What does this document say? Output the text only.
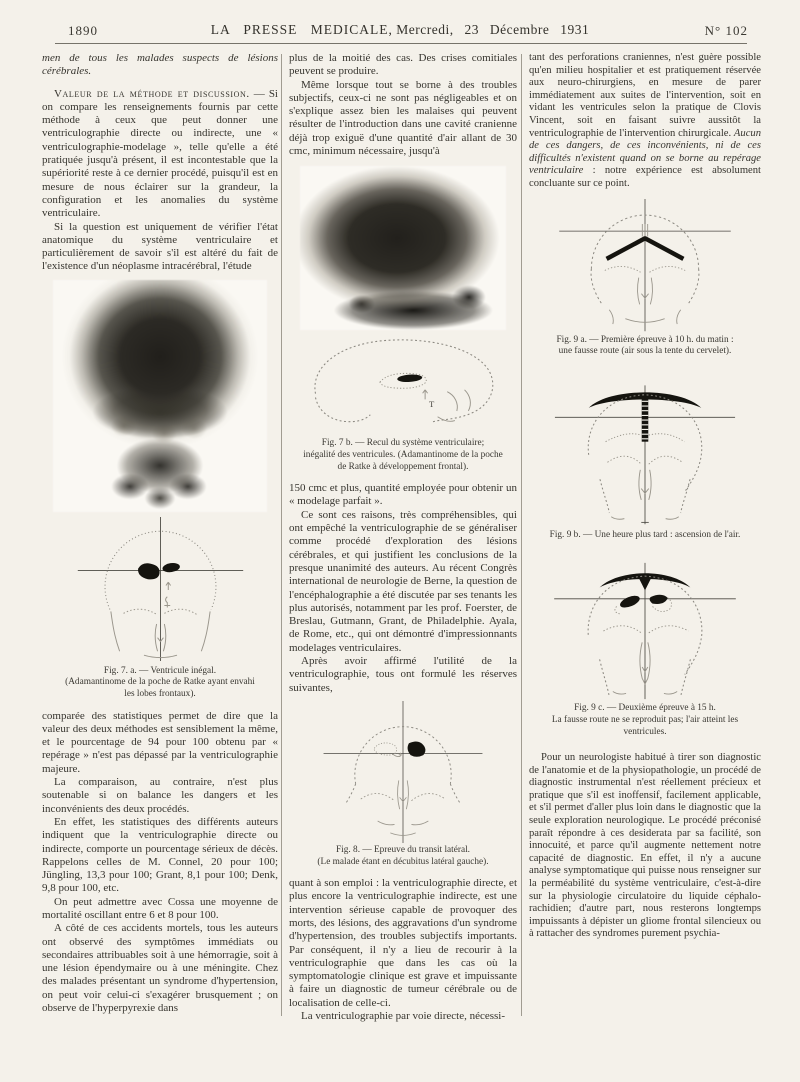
1890	LA PRESSE MEDICALE, Mercredi, 23 Décembre 1931	N° 102

men de tous les malades suspects de lésions cérébrales.

Valeur de la méthode et discussion. — Si on compare les renseignements fournis par cette méthode à ceux que peut donner une ventriculographie directe ou indirecte, une « ventriculographie-modelage », telle qu'elle a été pratiquée jusqu'à présent, il est incontestable que la supériorité reste à ce dernier procédé, puisqu'il est en mesure de nous éclairer sur la grandeur, la configuration et les anomalies du système ventriculaire.

Si la question est uniquement de vérifier l'état anatomique du système ventriculaire et particulièrement de savoir s'il est altéré du fait de l'existence d'un néoplasme intracérébral, l'étude

Fig. 7. a. — Ventricule inégal.

(Adamantinome de la poche de Ratke ayant envahi

les lobes frontaux).

comparée des statistiques permet de dire que la valeur des deux méthodes est sensiblement la même, et le pourcentage de 94 pour 100 obtenu par « repérage » n'est pas dépassé par la ventriculographie majeure.

La comparaison, au contraire, n'est plus soutenable si on balance les dangers et les inconvénients des deux procédés.

En effet, les statistiques des différents auteurs indiquent que la ventriculographie directe ou indirecte, comporte un pourcentage sérieux de décès. Rappelons celles de M. Connel, 20 pour 100; Jüngling, 13,3 pour 100; Grant, 8,1 pour 100; Denk, 9,8 pour 100, etc.

On peut admettre avec Cossa une moyenne de mortalité oscillant entre 6 et 8 pour 100.

A côté de ces accidents mortels, tous les auteurs ont observé des symptômes immédiats ou secondaires attribuables soit à une hémorragie, soit à une lésion épendymaire ou à une méningite. Chez des malades présentant un syndrome d'hypertension, on peut voir celui-ci s'exagérer brusquement ; on observe de l'hyperpyrexie dans

plus de la moitié des cas. Des crises comitiales peuvent se produire.

Même lorsque tout se borne à des troubles subjectifs, ceux-ci ne sont pas négligeables et on s'explique assez bien les malaises qui peuvent résulter de l'introduction dans une cavité cranienne déjà trop exiguë d'une quantité d'air allant de 30 cmc, minimum nécessaire, jusqu'à

T

Fig. 7 b. — Recul du système ventriculaire;

inégalité des ventricules. (Adamantinome de la poche

de Ratke à développement frontal).

150 cmc et plus, quantité employée pour obtenir un « modelage parfait ».

Ce sont ces raisons, très compréhensibles, qui ont empêché la ventriculographie de se généraliser comme procédé d'exploration des lésions cérébrales, et qui justifient les conclusions de la presque unanimité des auteurs. Au récent Congrès international de neurologie de Berne, la question de l'encéphalographie a été discutée par ses tenants les plus autorisés, notamment par les prof. Foerster, de Breslau, Gutmann, Grant, de Philadelphie. Ayala, de Rome, etc., qui ont démontré d'impressionnants modelages ventriculaires.

Après avoir affirmé l'utilité de la ventriculographie, tous ont formulé les réserves suivantes,

Fig. 8. — Epreuve du transit latéral.

(Le malade étant en décubitus latéral gauche).

quant à son emploi : la ventriculographie directe, et plus encore la ventriculographie indirecte, est une intervention sérieuse capable de provoquer des morts, des lésions, des aggravations d'un syndrome d'hypertension, des troubles subjectifs importants. Par conséquent, il n'y a lieu de recourir à la ventriculographie que dans les cas où la symptomatologie clinique est grave et impuissante à faire un diagnostic de tumeur cérébrale ou de localisation de celle-ci.

La ventriculographie par voie directe, nécessi-

tant des perforations craniennes, n'est guère possible qu'en milieu hospitalier et est pratiquement réservée aux neuro-chirurgiens, en mesure de parer immédiatement aux suites de l'intervention, soit en vidant les ventricules selon la pratique de Clovis Vincent, soit en faisant suivre aussitôt la ventriculographie de l'intervention chirurgicale. Aucun de ces dangers, de ces inconvénients, ni de ces difficultés n'existent quand on se borne au repérage ventriculaire : notre expérience est absolument concluante sur ce point.

Fig. 9 a. — Première épreuve à 10 h. du matin :

une fausse route (air sous la tente du cervelet).

Fig. 9 b. — Une heure plus tard : ascension de l'air.

Fig. 9 c. — Deuxième épreuve à 15 h.

La fausse route ne se reproduit pas; l'air atteint les

ventricules.

Pour un neurologiste habitué à tirer son diagnostic de l'anatomie et de la physiopathologie, un procédé de diagnostic instrumental n'est réellement précieux et pratique que s'il est inoffensif, facilement applicable, et s'il permet d'aller plus loin dans le diagnostic que la seule exploration neurologique. Le procédé préconisé paraît répondre à ces desiderata par sa facilité, son innocuité, et parce qu'il augmente nettement notre capacité de diagnostic. En effet, il n'y a aucune analyse symptomatique qui puisse nous renseigner sur la perméabilité du système ventriculaire, c'est-à-dire sur la physiologie circulatoire du liquide céphalo-rachidien; d'autre part, nous resterons longtemps impuissants à dépister un gliome frontal silencieux ou à rattacher des syndromes purement psychia-
